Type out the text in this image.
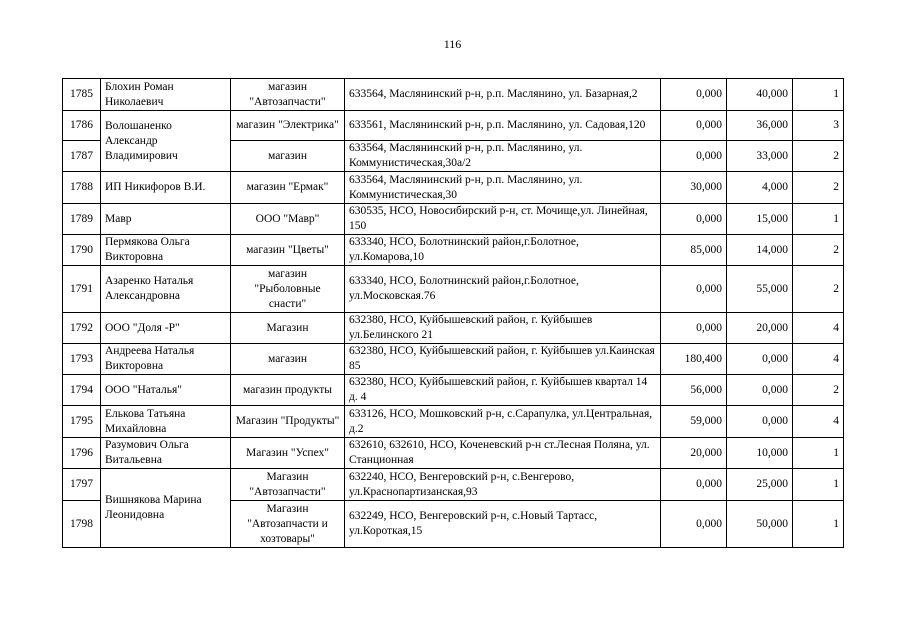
116
1785	Блохин Роман Николаевич	магазин "Автозапчасти"	633564, Маслянинский р-н, р.п. Маслянино, ул. Базарная,2	0,000	40,000	1
1786	Волошаненко Александр Владимирович	магазин "Электрика"	633561, Маслянинский р-н, р.п. Маслянино, ул. Садовая,120	0,000	36,000	3
1787		магазин	633564, Маслянинский р-н, р.п. Маслянино, ул. Коммунистическая,30а/2	0,000	33,000	2
1788	ИП Никифоров В.И.	магазин "Ермак"	633564, Маслянинский р-н, р.п. Маслянино, ул. Коммунистическая,30	30,000	4,000	2
1789	Мавр	ООО "Мавр"	630535, НСО, Новосибирский р-н, ст. Мочище,ул. Линейная, 150	0,000	15,000	1
1790	Пермякова Ольга Викторовна	магазин "Цветы"	633340, НСО, Болотнинский район,г.Болотное, ул.Комарова,10	85,000	14,000	2
1791	Азаренко Наталья Александровна	магазин "Рыболовные снасти"	633340, НСО, Болотнинский район,г.Болотное, ул.Московская.76	0,000	55,000	2
1792	ООО "Доля -Р"	Магазин	632380, НСО, Куйбышевский район, г. Куйбышев ул.Белинского 21	0,000	20,000	4
1793	Андреева Наталья Викторовна	магазин	632380, НСО, Куйбышевский район, г. Куйбышев ул.Каинская 85	180,400	0,000	4
1794	ООО "Наталья"	магазин продукты	632380, НСО, Куйбышевский район, г. Куйбышев квартал 14 д. 4	56,000	0,000	2
1795	Елькова Татьяна Михайловна	Магазин "Продукты"	633126, НСО, Мошковский р-н, с.Сарапулка, ул.Центральная, д.2	59,000	0,000	4
1796	Разумович Ольга Витальевна	Магазин "Успех"	632610, 632610, НСО, Коченевский р-н ст.Лесная Поляна, ул. Станционная	20,000	10,000	1
1797	Вишнякова Марина Леонидовна	Магазин "Автозапчасти"	632240, НСО, Венгеровский р-н, с.Венгерово, ул.Краснопартизанская,93	0,000	25,000	1
1798		Магазин "Автозапчасти и хозтовары"	632249, НСО, Венгеровский р-н, с.Новый Тартасс, ул.Короткая,15	0,000	50,000	1
